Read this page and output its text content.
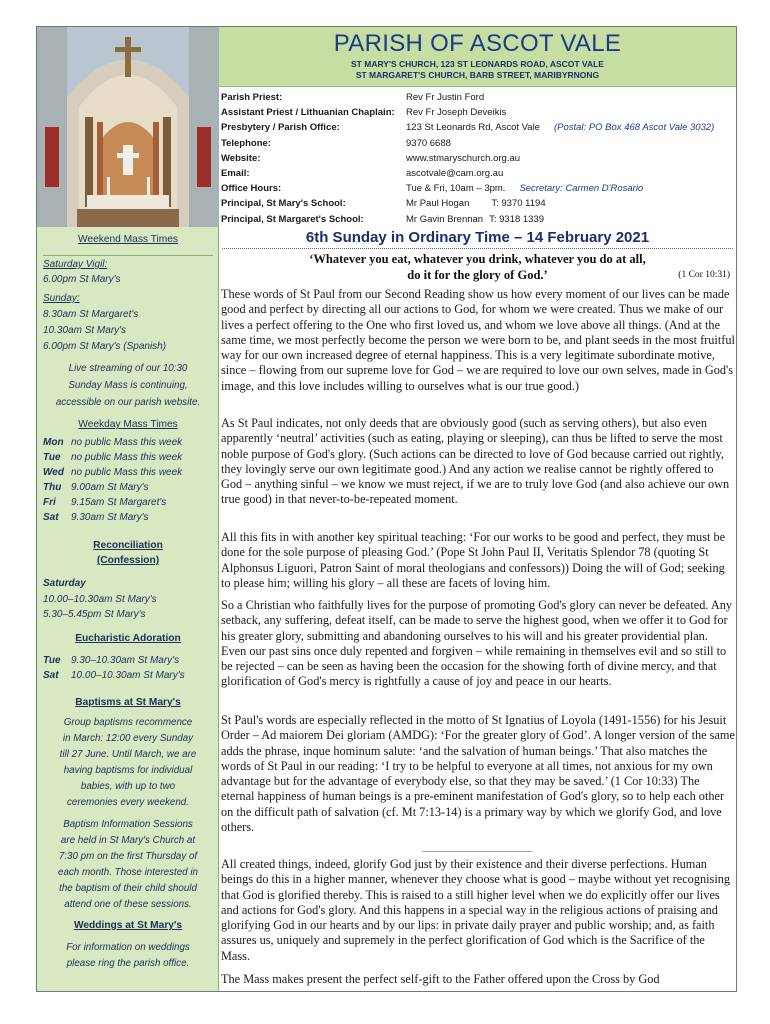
PARISH OF ASCOT VALE
ST MARY'S CHURCH, 123 ST LEONARDS ROAD, ASCOT VALE
ST MARGARET'S CHURCH, BARB STREET, MARIBYRNONG
Parish Priest:	Rev Fr Justin Ford
Assistant Priest / Lithuanian Chaplain: Rev Fr Joseph Deveikis
Presbytery / Parish Office:	123 St Leonards Rd, Ascot Vale (Postal: PO Box 468 Ascot Vale 3032)
Telephone:	9370 6688
Website:	www.stmaryschurch.org.au
Email:	ascotvale@cam.org.au
Office Hours:	Tue & Fri, 10am – 3pm. Secretary: Carmen D'Rosario
Principal, St Mary's School:	Mr Paul Hogan T: 9370 1194
Principal, St Margaret's School:	Mr Gavin Brennan T: 9318 1339
Weekend Mass Times
Saturday Vigil:
6.00pm St Mary's
Sunday:
8.30am St Margaret's
10.30am St Mary's
6.00pm St Mary's (Spanish)
Live streaming of our 10:30
Sunday Mass is continuing,
accessible on our parish website.
Weekday Mass Times
Mon no public Mass this week
Tue no public Mass this week
Wed no public Mass this week
Thu 9.00am St Mary's
Fri 9.15am St Margaret's
Sat 9.30am St Mary's
Reconciliation
(Confession)
Saturday
10.00–10.30am St Mary's
5.30–5.45pm St Mary's
Eucharistic Adoration
Tue 9.30–10.30am St Mary's
Sat 10.00–10.30am St Mary's
Baptisms at St Mary's
Group baptisms recommence
in March: 12:00 every Sunday
till 27 June. Until March, we are
having baptisms for individual
babies, with up to two
ceremonies every weekend.
Baptism Information Sessions
are held in St Mary's Church at
7:30 pm on the first Thursday of
each month. Those interested in
the baptism of their child should
attend one of these sessions.
Weddings at St Mary's
For information on weddings
please ring the parish office.
6th Sunday in Ordinary Time – 14 February 2021
‘Whatever you eat, whatever you drink, whatever you do at all,
do it for the glory of God.’	(1 Cor 10:31)
These words of St Paul from our Second Reading show us how every moment of our lives can be made good and perfect by directing all our actions to God, for whom we were created. Thus we make of our lives a perfect offering to the One who first loved us, and whom we love above all things. (And at the same time, we most perfectly become the person we were born to be, and plant seeds in the most fruitful way for our own increased degree of eternal happiness. This is a very legitimate subordinate motive, since – flowing from our supreme love for God – we are required to love our own selves, made in God's image, and this love includes willing to ourselves what is our true good.)
As St Paul indicates, not only deeds that are obviously good (such as serving others), but also even apparently ‘neutral’ activities (such as eating, playing or sleeping), can thus be lifted to serve the most noble purpose of God's glory. (Such actions can be directed to love of God because carried out rightly, they lovingly serve our own legitimate good.) And any action we realise cannot be rightly offered to God – anything sinful – we know we must reject, if we are to truly love God (and also achieve our own true good) in that never-to-be-repeated moment.
All this fits in with another key spiritual teaching: ‘For our works to be good and perfect, they must be done for the sole purpose of pleasing God.’ (Pope St John Paul II, Veritatis Splendor 78 (quoting St Alphonsus Liguori, Patron Saint of moral theologians and confessors)) Doing the will of God; seeking to please him; willing his glory – all these are facets of loving him.
So a Christian who faithfully lives for the purpose of promoting God's glory can never be defeated. Any setback, any suffering, defeat itself, can be made to serve the highest good, when we offer it to God for his greater glory, submitting and abandoning ourselves to his will and his greater providential plan. Even our past sins once duly repented and forgiven – while remaining in themselves evil and so still to be rejected – can be seen as having been the occasion for the showing forth of divine mercy, and that glorification of God's mercy is rightfully a cause of joy and peace in our hearts.
St Paul's words are especially reflected in the motto of St Ignatius of Loyola (1491-1556) for his Jesuit Order – Ad maiorem Dei gloriam (AMDG): ‘For the greater glory of God’. A longer version of the same adds the phrase, inque hominum salute: ‘and the salvation of human beings.’ That also matches the words of St Paul in our reading: ‘I try to be helpful to everyone at all times, not anxious for my own advantage but for the advantage of everybody else, so that they may be saved.’ (1 Cor 10:33) The eternal happiness of human beings is a pre-eminent manifestation of God's glory, so to help each other on the difficult path of salvation (cf. Mt 7:13-14) is a primary way by which we glorify God, and love others.
______________________
All created things, indeed, glorify God just by their existence and their diverse perfections. Human beings do this in a higher manner, whenever they choose what is good – maybe without yet recognising that God is glorified thereby. This is raised to a still higher level when we do explicitly offer our lives and actions for God's glory. And this happens in a special way in the religious actions of praising and glorifying God in our hearts and by our lips: in private daily prayer and public worship; and, as faith assures us, uniquely and supremely in the perfect glorification of God which is the Sacrifice of the Mass.
The Mass makes present the perfect self-gift to the Father offered upon the Cross by God
